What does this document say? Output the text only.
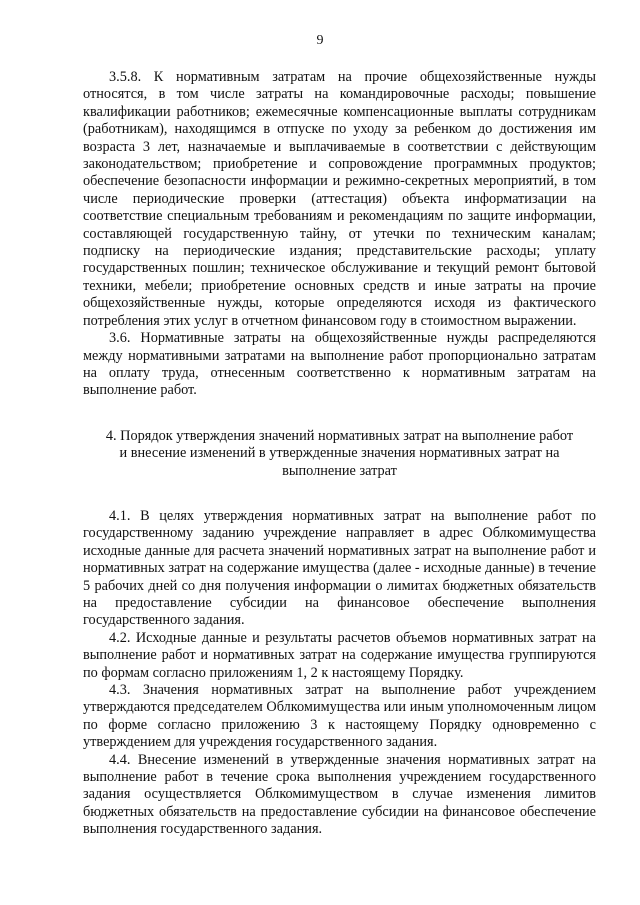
9

3.5.8. К нормативным затратам на прочие общехозяйственные нужды относятся, в том числе затраты на командировочные расходы; повышение квалификации работников; ежемесячные компенсационные выплаты сотрудникам (работникам), находящимся в отпуске по уходу за ребенком до достижения им возраста 3 лет, назначаемые и выплачиваемые в соответствии с действующим законодательством; приобретение и сопровождение программных продуктов; обеспечение безопасности информации и режимно-секретных мероприятий, в том числе периодические проверки (аттестация) объекта информатизации на соответствие специальным требованиям и рекомендациям по защите информации, составляющей государственную тайну, от утечки по техническим каналам; подписку на периодические издания; представительские расходы; уплату государственных пошлин; техническое обслуживание и текущий ремонт бытовой техники, мебели; приобретение основных средств и иные затраты на прочие общехозяйственные нужды, которые определяются исходя из фактического потребления этих услуг в отчетном финансовом году в стоимостном выражении.

3.6. Нормативные затраты на общехозяйственные нужды распределяются между нормативными затратами на выполнение работ пропорционально затратам на оплату труда, отнесенным соответственно к нормативным затратам на выполнение работ.

4. Порядок утверждения значений нормативных затрат на выполнение работ
и внесение изменений в утвержденные значения нормативных затрат на
выполнение затрат

4.1. В целях утверждения нормативных затрат на выполнение работ по государственному заданию учреждение направляет в адрес Облкомимущества исходные данные для расчета значений нормативных затрат на выполнение работ и нормативных затрат на содержание имущества (далее - исходные данные) в течение 5 рабочих дней со дня получения информации о лимитах бюджетных обязательств на предоставление субсидии на финансовое обеспечение выполнения государственного задания.

4.2. Исходные данные и результаты расчетов объемов нормативных затрат на выполнение работ и нормативных затрат на содержание имущества группируются по формам согласно приложениям 1, 2 к настоящему Порядку.

4.3. Значения нормативных затрат на выполнение работ учреждением утверждаются председателем Облкомимущества или иным уполномоченным лицом по форме согласно приложению 3 к настоящему Порядку одновременно с утверждением для учреждения государственного задания.

4.4. Внесение изменений в утвержденные значения нормативных затрат на выполнение работ в течение срока выполнения учреждением государственного задания осуществляется Облкомимуществом в случае изменения лимитов бюджетных обязательств на предоставление субсидии на финансовое обеспечение выполнения государственного задания.
